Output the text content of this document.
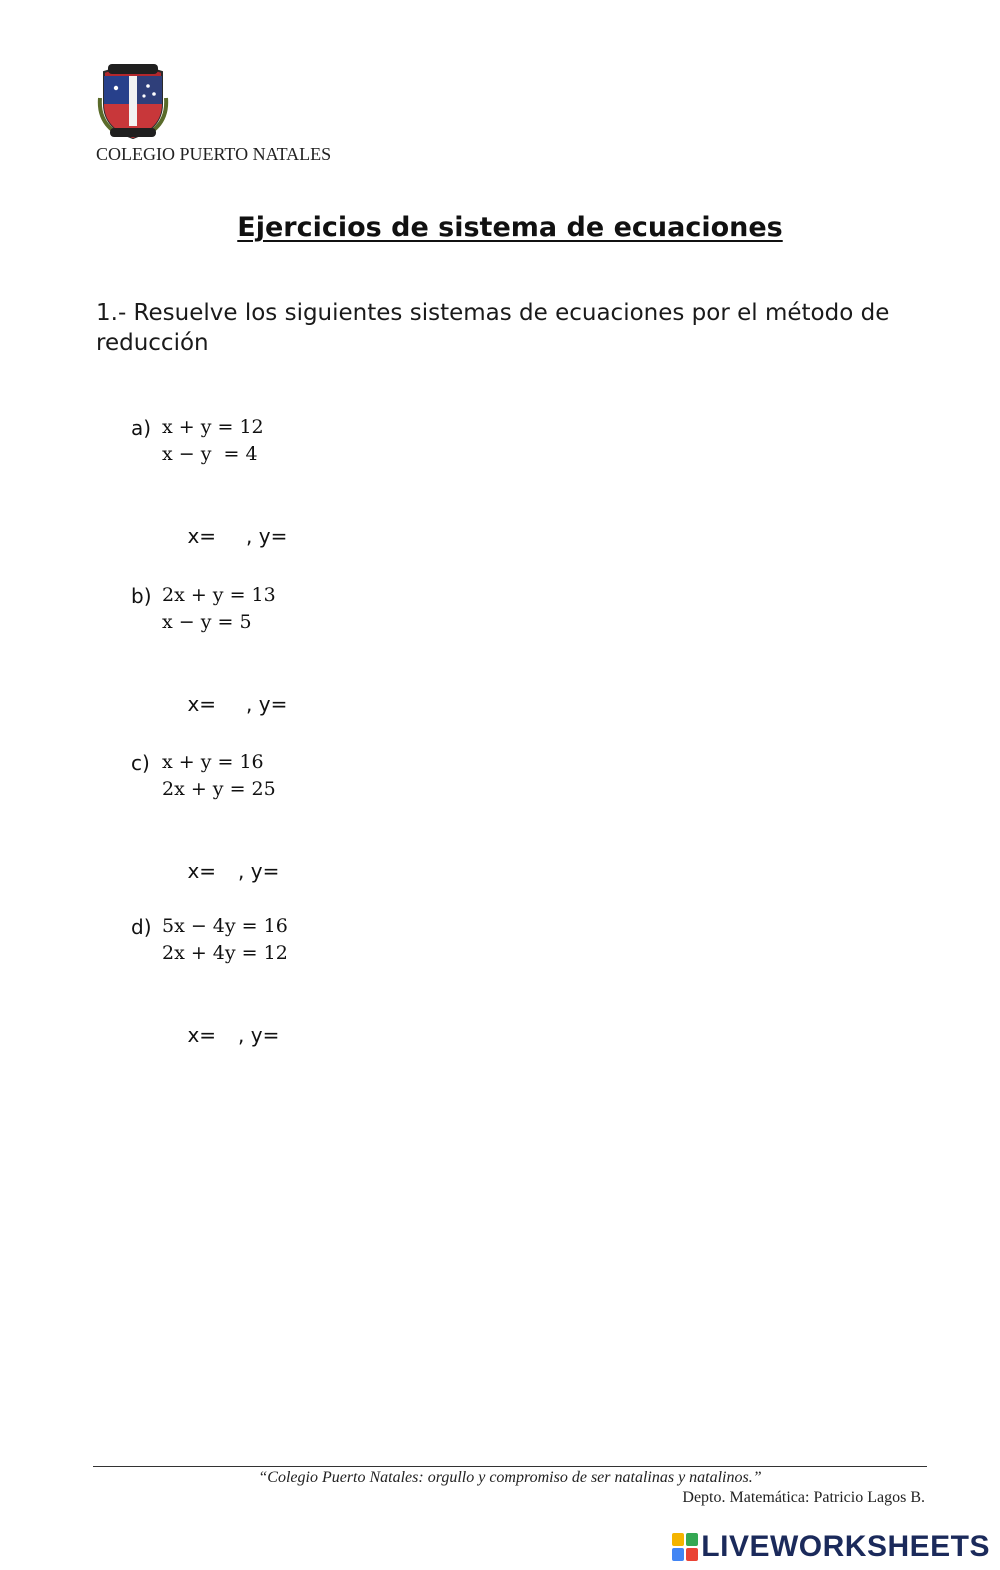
COLEGIO PUERTO NATALES
Ejercicios de sistema de ecuaciones
1.- Resuelve los siguientes sistemas de ecuaciones por el método de reducción
a) x + y = 12
x − y  = 4

x= , y=

b) 2x + y = 13
x − y = 5

x= , y=

c) x + y = 16
2x + y = 25

x= , y=

d) 5x − 4y = 16
2x + 4y = 12

x= , y=

“Colegio Puerto Natales: orgullo y compromiso de ser natalinas y natalinos.”
Depto. Matemática: Patricio Lagos B.
LIVEWORKSHEETS
